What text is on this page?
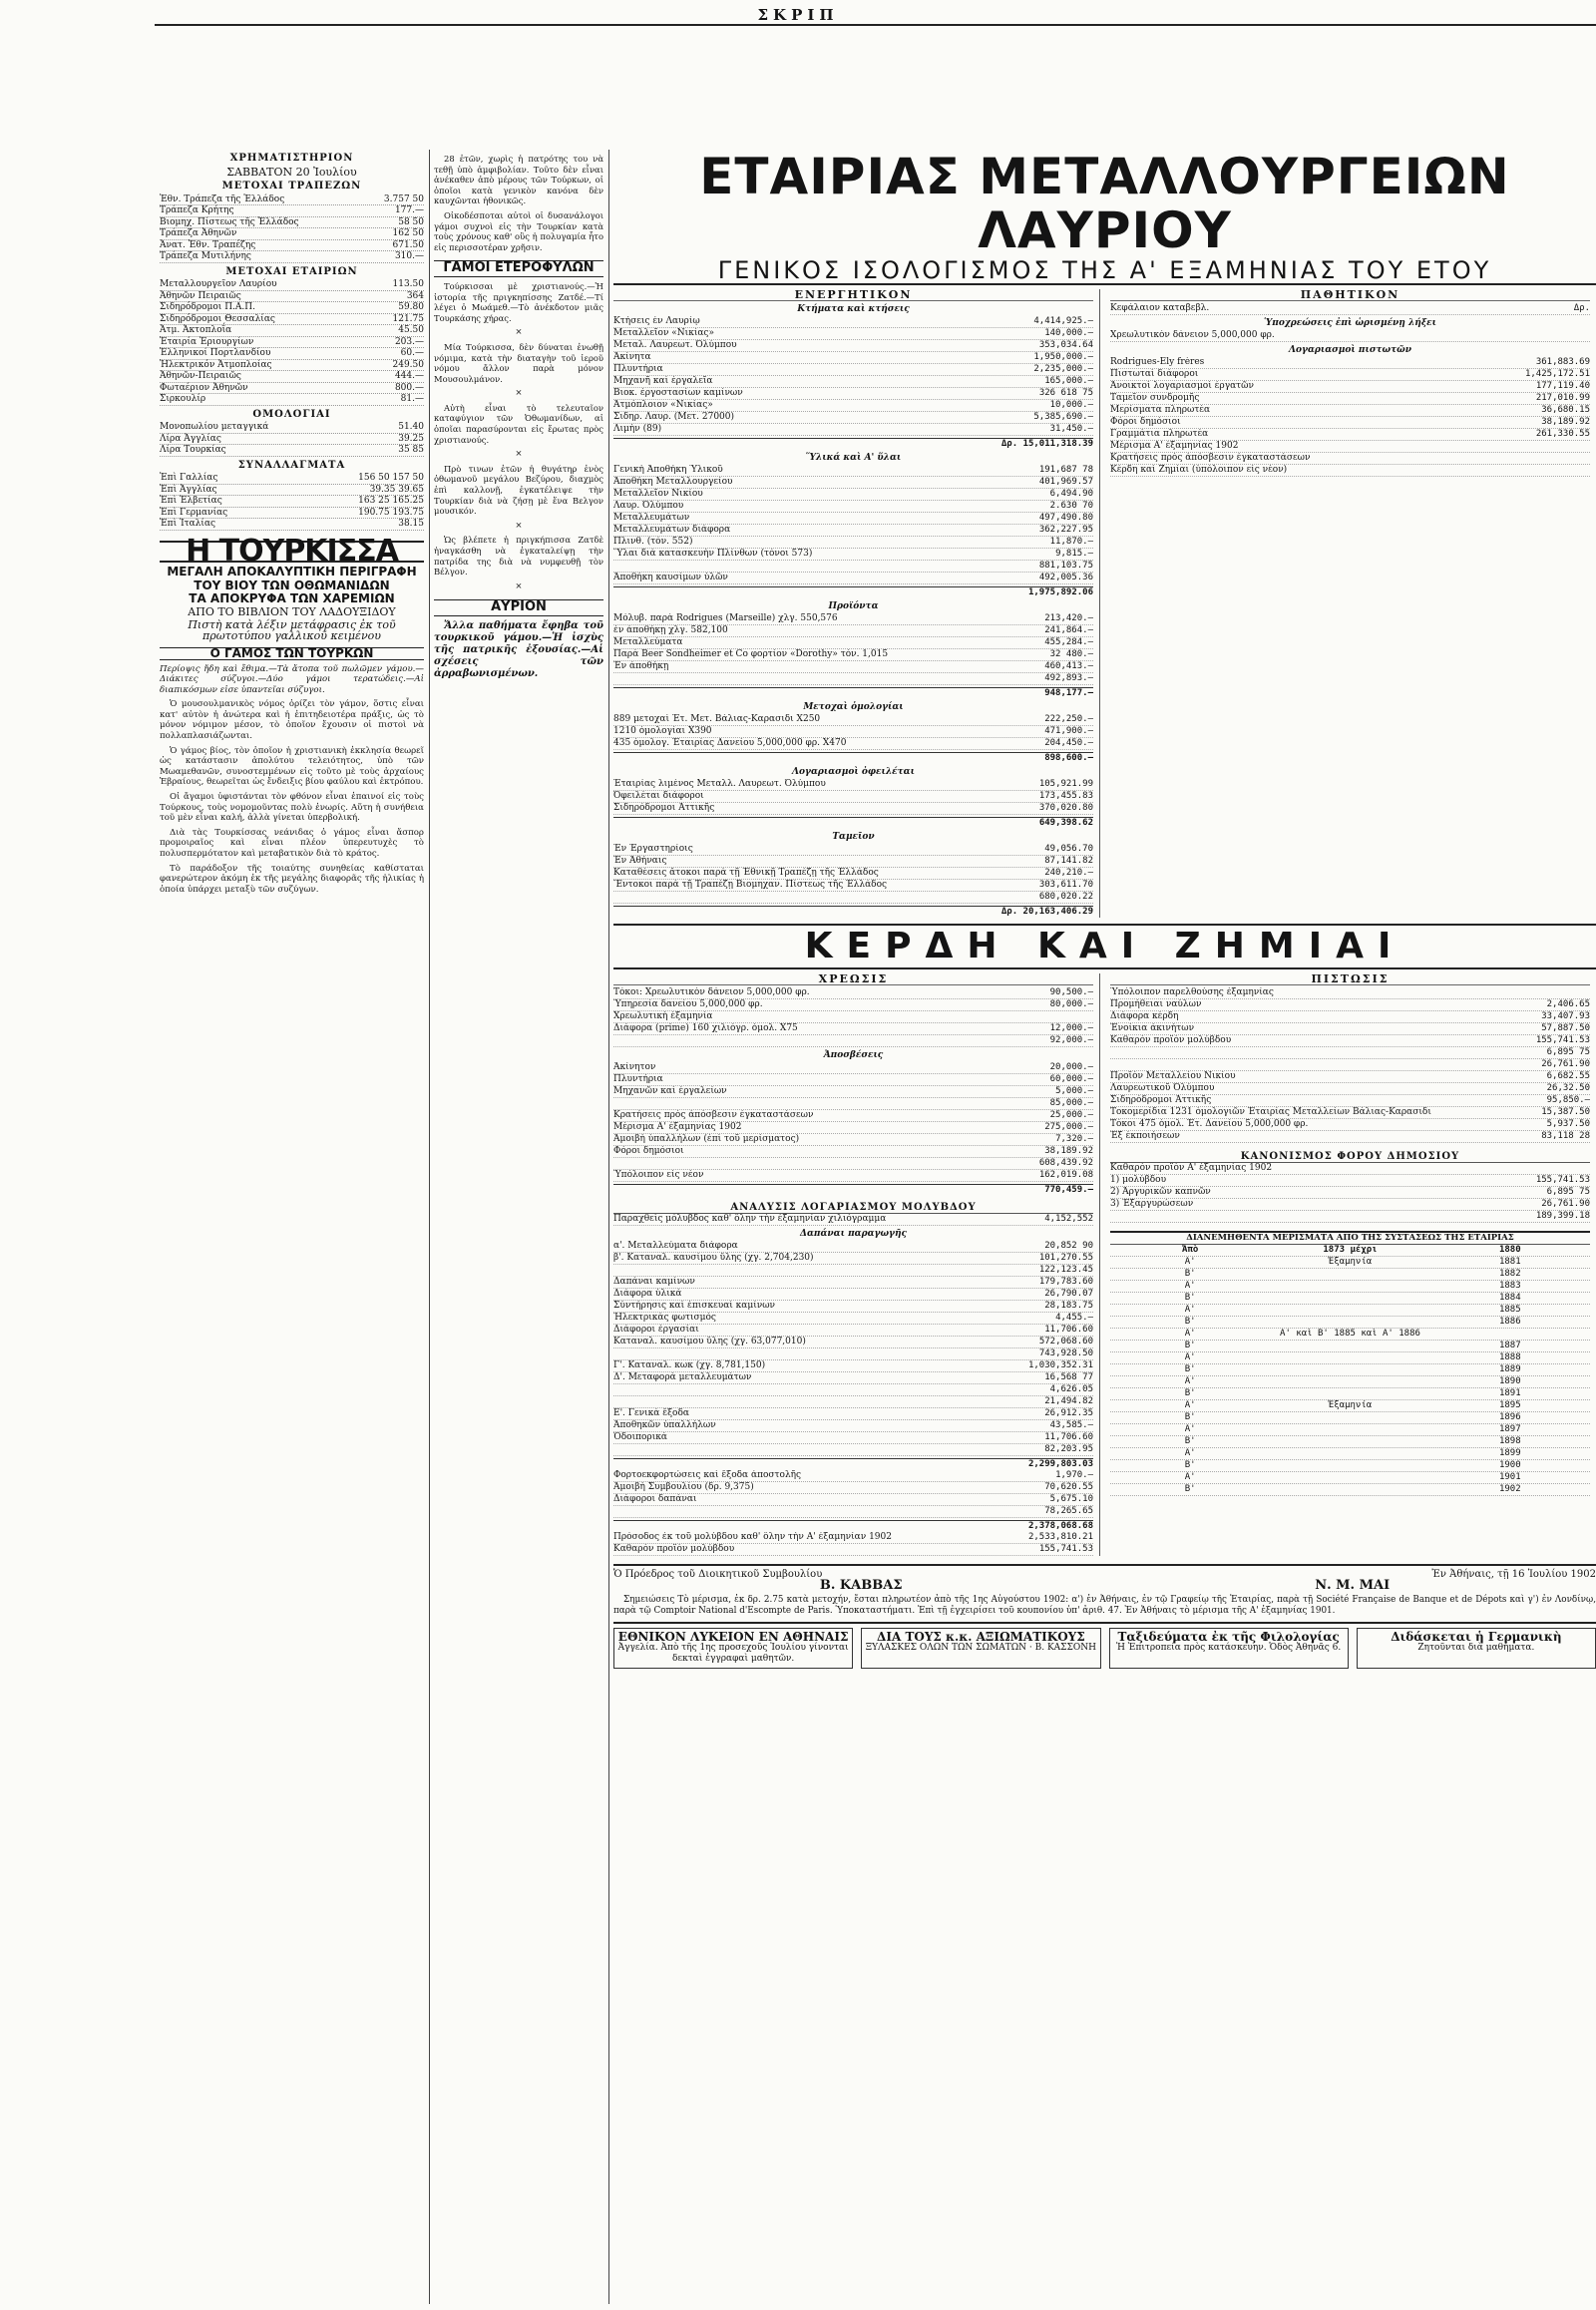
ΣΚΡΙΠ
ΧΡΗΜΑΤΙΣΤΗΡΙΟΝ
ΣΑΒΒΑΤΟΝ 20 Ἰουλίου
ΜΕΤΟΧΑΙ ΤΡΑΠΕΖΩΝ
Ἐθν. Τράπεζα τῆς Ἑλλάδος	3.757 50
Τράπεζα Κρήτης	177.—
Βιομηχ. Πίστεως τῆς Ἑλλάδος	58 50
Τράπεζα Ἀθηνῶν	162 50
Ἀνατ. Ἐθν. Τραπέζης	671.50
Τράπεζα Μυτιλήνης	310.—
ΜΕΤΟΧΑΙ ΕΤΑΙΡΙΩΝ
Μεταλλουργεῖον Λαυρίου	113.50
Ἀθηνῶν Πειραιῶς	364
Σιδηρόδρομοι Π.Α.Π.	59.80
Σιδηρόδρομοι Θεσσαλίας	121.75
Ἀτμ. Ἀκτοπλοΐα	45.50
Ἑταιρία Ἐριουργίων	203.—
Ἑλληνικοί Πορτλανδίου	60.—
Ἠλεκτρικόν Ἀτμοπλοίας	249.50
Ἀθηνῶν-Πειραιῶς	444.—
Φωταέριον Ἀθηνῶν	800.—
Σιρκουλίρ	81.—
ΟΜΟΛΟΓΙΑΙ
Μονοπωλίου μεταγγικά	51.40
Λίρα Ἀγγλίας	39.25
Λίρα Τουρκίας	35 85
ΣΥΝΑΛΛΑΓΜΑΤΑ
Ἐπὶ Γαλλίας	156 50 157 50
Ἐπὶ Ἀγγλίας	39.35 39.65
Ἐπὶ Ἑλβετίας	163 25 165.25
Ἐπὶ Γερμανίας	190.75 193.75
Ἐπὶ Ἰταλίας	38.15
Η ΤΟΥΡΚΙΣΣΑ
ΜΕΓΑΛΗ ΑΠΟΚΑΛΥΠΤΙΚΗ ΠΕΡΙΓΡΑΦΗ
ΤΟΥ ΒΙΟΥ ΤΩΝ ΟΘΩΜΑΝΙΔΩΝ
ΤΑ ΑΠΟΚΡΥΦΑ ΤΩΝ ΧΑΡΕΜΙΩΝ
ΑΠΟ ΤΟ ΒΙΒΛΙΟΝ ΤΟΥ ΛΑΔΟΥΞΙΔΟΥ
Πιστὴ κατὰ λέξιν μετάφρασις ἐκ τοῦ πρωτοτύπου γαλλικοῦ κειμένου
Ο ΓΑΜΟΣ ΤΩΝ ΤΟΥΡΚΩΝ
Περίοψις ἤδη καὶ ἔθιμα.—Τὰ ἄτοπα τοῦ πωλῶμεν γάμου.—Διάκιτες σύζυγοι.—Δύο γάμοι τερατώδεις.—Αἱ διαπικόσμων εἰσε ὑπαντεῖαι σύζυγοι.

Ὁ μουσουλμανικὸς νόμος ὁρίζει τὸν γάμον, ὅστις εἶναι κατ' αὐτὸν ἡ ἀνώτερα καὶ ἡ ἐπιτηδειοτέρα πράξις, ὡς τὸ μόνον νόμιμον μέσον, τὸ ὁποῖον ἔχουσιν οἱ πιστοὶ νὰ πολλαπλασιάζωνται.

Ὁ γάμος βίος, τὸν ὁποῖον ἡ χριστιανικὴ ἐκκλησία θεωρεῖ ὡς κατάστασιν ἀπολύτου τελειότητος, ὑπὸ τῶν Μωαμεθανῶν, συνοστεμμένων εἰς τοῦτο μὲ τοὺς ἀρχαίους Ἑβραίους, θεωρεῖται ὡς ἔνδειξις βίου φαύλου καὶ ἐκτρόπου.

Οἱ ἄγαμοι ὑφιστάνται τὸν φθόνον εἶναι ἐπαινοί εἰς τοὺς Τούρκους, τοὺς νομομοῦντας πολὺ ἐνωρίς. Αὕτη ἡ συνήθεια τοῦ μὲν εἶναι καλή, ἀλλὰ γίνεται ὑπερβολική.

Διὰ τὰς Τουρκίσσας νεάνιδας ὁ γάμος εἶναι ἄσπορ προμοιραῖος καὶ εἶναι πλέον ὑπερευτυχὲς τὸ πολυσπερμότατον καὶ μεταβατικὸν διὰ τὸ κράτος.

Τὸ παράδοξον τῆς τοιαύτης συνηθείας καθίσταται φανερώτερον ἀκόμη ἐκ τῆς μεγάλης διαφορᾶς τῆς ἡλικίας ἡ ὁποία ὑπάρχει μεταξὺ τῶν συζύγων.

28 ἐτῶν, χωρὶς ἡ πατρότης του νὰ τεθῇ ὑπὸ ἀμφιβολίαν. Τοῦτο δὲν εἶναι ἀνέκαθεν ἀπὸ μέρους τῶν Τούρκων, οἱ ὁποῖοι κατὰ γενικὸν κανόνα δὲν καυχῶνται ἠθονικῶς.

Οἰκοδέσποται αὐτοὶ οἱ δυσανάλογοι γάμοι συχνοὶ εἰς τὴν Τουρκίαν κατὰ τοὺς χρόνους καθ' οὓς ἡ πολυγαμία ἦτο εἰς περισσοτέραν χρῆσιν.

ΓΑΜΟΙ ΕΤΕΡΟΦΥΛΩΝ

Τούρκισσαι μὲ χριστιανούς.—Ἡ ἱστορία τῆς πριγκηπίσσης Ζατδέ.—Τί λέγει ὁ Μωάμεθ.—Τὸ ἀνέκδοτον μιᾶς Τουρκάσης χήρας.

×

Μία Τούρκισσα, δὲν δύναται ἐνωθῇ νόμιμα, κατὰ τὴν διαταγὴν τοῦ ἱεροῦ νόμου ἄλλον παρὰ μόνον Μουσουλμάνον.

×

Αὐτὴ εἶναι τὸ τελευταῖον καταφύγιον τῶν Ὀθωμανίδων, αἱ ὁποῖαι παρασύρονται εἰς ἔρωτας πρὸς χριστιανούς.

×

Πρὸ τινων ἐτῶν ἡ θυγάτηρ ἑνὸς ὀθωμανοῦ μεγάλου Βεζύρου, διαχμὸς ἐπὶ καλλονῇ, ἐγκατέλειψε τὴν Τουρκίαν διὰ νὰ ζήσῃ μὲ ἕνα Βελγον μουσικόν.

×

Ὡς βλέπετε ἡ πριγκήπισσα Ζατδὲ ἠναγκάσθη νὰ ἐγκαταλείψῃ τὴν πατρίδα της διὰ νὰ νυμφευθῇ τὸν Βέλγον.

×
ΑΥΡΙΟΝ
Ἄλλα παθήματα ἔφηβα τοῦ τουρκικοῦ γάμου.—Ἡ ἰσχὺς τῆς πατρικῆς ἐξουσίας.—Αἱ σχέσεις τῶν ἀρραβωνισμένων.
ΕΤΑΙΡΙΑΣ ΜΕΤΑΛΛΟΥΡΓΕΙΩΝ ΛΑΥΡΙΟΥ
ΓΕΝΙΚΟΣ ΙΣΟΛΟΓΙΣΜΟΣ ΤΗΣ Α' ΕΞΑΜΗΝΙΑΣ ΤΟΥ ΕΤΟΥ
ΕΝΕΡΓΗΤΙΚΟΝ
Κτήματα καὶ κτήσεις
Κτήσεις ἐν Λαυρίῳ	4,414,925.—
Μεταλλεῖον «Νικίας»	140,000.—
Μεταλ. Λαυρεωτ. Ὀλύμπου	353,034.64
Ἀκίνητα	1,950,000.—
Πλυντήρια	2,235,000.—
Μηχανῆ καὶ ἐργαλεῖα	165,000.—
Βιοκ. ἐργοστασίων καμίνων	326 618 75
Ἀτμόπλοιον «Νικίας»	10,000.—
Σιδηρ. Λαυρ. (Μετ. 27000)	5,385,690.—
Λιμὴν (89)	31,450.—
Δρ. 15,011,318.39
Ὕλικά καὶ Α' ὕλαι
Γενικὴ Ἀποθήκη Ὑλικοῦ	191,687 78
Ἀποθήκη Μεταλλουργείου	401,969.57
Μεταλλεῖον Νικίου	6,494.90
Λαυρ. Ὀλύμπου	2.630 70
Μεταλλευμάτων	497,490.80
Μεταλλευμάτων διάφορα	362,227.95
Πλινθ. (τόν. 552)	11,870.—
Ὕλαι διὰ κατασκευὴν Πλίνθων (τόνοι 573)	9,815.—
881,103.75
Ἀποθήκη καυσίμων ὑλῶν	492,005.36
1,975,892.06
Προϊόντα
Μόλυβ. παρὰ Rodrigues (Marseille) χλγ. 550,576	213,420.—
ἐν ἀποθήκῃ χλγ. 582,100	241,864.—
Μεταλλεύματα	455,284.—
Παρὰ Beer Sondheimer et Co φορτίον «Dorothy» τόν. 1,015	32 480.—
Ἐν ἀποθήκῃ	460,413.—
492,893.—
948,177.—
Μετοχαὶ ὁμολογίαι
889 μετοχαὶ Ἐτ. Μετ. Βάλιας-Καρασιδι Χ250	222,250.—
1210 ὁμολογίαι Χ390	471,900.—
435 ὁμολογ. Ἑταιρίας Δανείου 5,000,000 φρ. Χ470	204,450.—
898,600.—
Λογαριασμοὶ ὀφειλέται
Ἑταιρίας λιμένος Μεταλλ. Λαυρεωτ. Ὀλύμπου	105,921.99
Ὀφειλέται διάφοροι	173,455.83
Σιδηρόδρομοι Ἀττικῆς	370,020.80
649,398.62
Ταμεῖον
Ἐν Ἐργαστηρίοις	49,056.70
Ἐν Ἀθήναις	87,141.82
Καταθέσεις ἄτοκοι παρὰ τῇ Ἐθνικῇ Τραπέζῃ τῆς Ἑλλάδος	240,210.—
Ἔντοκοι παρὰ τῇ Τραπέζῃ Βιομηχαν. Πίστεως τῆς Ἑλλάδος	303,611.70
680,020.22
Δρ. 20,163,406.29
ΠΑΘΗΤΙΚΟΝ
Κεφάλαιον καταβεβλ.	Δρ.
Ὑποχρεώσεις ἐπὶ ὡρισμένῃ λήξει
Χρεωλυτικὸν δάνειον 5,000,000 φρ.
Λογαριασμοὶ πιστωτῶν
Rodrigues-Ely frères	361,883.69
Πιστωταὶ διάφοροι	1,425,172.51
Ἀνοικτοὶ λογαριασμοὶ ἐργατῶν	177,119.40
Ταμεῖον συνδρομῆς	217,010.99
Μερίσματα πληρωτέα	36,680.15
Φόροι δημόσιοι	38,189.92
Γραμμάτια πληρωτέα	261,330.55
Μέρισμα Α' ἐξαμηνίας 1902
Κρατήσεις πρὸς ἀπόσβεσιν ἐγκαταστάσεων
Κέρδη καὶ Ζημίαι (ὑπόλοιπον εἰς νέον)
ΚΕΡΔΗ ΚΑΙ ΖΗΜΙΑΙ
ΧΡΕΩΣΙΣ
Τόκοι: Χρεωλυτικὸν δάνειον 5,000,000 φρ.	90,500.—
Ὑπηρεσία δανείου 5,000,000 φρ.	80,000.—
Χρεωλυτικὴ ἐξαμηνία
Διάφορα (prime) 160 χιλιόγρ. ὁμολ. X75	12,000.—
92,000.—
Ἀποσβέσεις
Ἀκίνητον	20,000.—
Πλυντήρια	60,000.—
Μηχανῶν καὶ ἐργαλείων	5,000.—
85,000.—
Κρατήσεις πρὸς ἀπόσβεσιν ἐγκαταστάσεων	25,000.—
Μέρισμα Α' ἐξαμηνίας 1902	275,000.—
Ἀμοιβὴ ὑπαλλήλων (ἐπὶ τοῦ μερίσματος)	7,320.—
Φόροι δημόσιοι	38,189.92
608,439.92
Ὑπόλοιπον εἰς νέον	162,019.08
770,459.—
ΑΝΑΛΥΣΙΣ ΛΟΓΑΡΙΑΣΜΟΥ ΜΟΛΥΒΔΟΥ
Παραχθεὶς μόλυβδος καθ' ὅλην τὴν ἐξαμηνίαν χιλιόγραμμα	4,152,552
Δαπάναι παραγωγῆς
α'. Μεταλλεύματα διάφορα	20,852 90
β'. Καταναλ. καυσίμου ὕλης (χγ. 2,704,230)	101,270.55
122,123.45
Δαπάναι καμίνων	179,783.60
Διάφορα ὑλικά	26,790.07
Σύντήρησις καὶ ἐπισκευαὶ καμίνων	28,183.75
Ἠλεκτρικὰς φωτισμός	4,455.—
Διάφοροι ἐργασίαι	11,706.60
Καταναλ. καυσίμου ὕλης (χγ. 63,077,010)	572,068.60
743,928.50
Γ'. Καταναλ. κωκ (χγ. 8,781,150)	1,030,352.31
Δ'. Μεταφορὰ μεταλλευμάτων	16,568 77
4,626.05
21,494.82
Ε'. Γενικὰ ἔξοδα	26,912.35
Ἀποθηκῶν ὑπαλλήλων	43,585.—
Ὁδοιπορικά	11,706.60
82,203.95
2,299,803.03
Φορτοεκφορτώσεις καὶ ἔξοδα ἀποστολῆς	1,970.—
Ἀμοιβὴ Συμβουλίου (δρ. 9,375)	70,620.55
Διάφοροι δαπάναι	5,675.10
78,265.65
2,378,068.68
Πρόσοδος ἐκ τοῦ μολύβδου καθ' ὅλην τὴν Α' ἐξαμηνίαν 1902	2,533,810.21
Καθαρὸν προϊὸν μολύβδου	155,741.53
ΠΙΣΤΩΣΙΣ
Ὑπόλοιπον παρελθούσης ἐξαμηνίας
Προμήθειαι ναύλων	2,406.65
Διάφορα κέρδη	33,407.93
Ἐνοίκια ἀκινήτων	57,887.50
Καθαρὸν προϊὸν μολύβδου	155,741.53
6,895 75
26,761.90
Προϊὸν Μεταλλείου Νικίου	6,682.55
Λαυρεωτικοῦ Ὀλύμπου	26,32.50
Σιδηρόδρομοι Ἀττικῆς	95,850.—
Τοκομερίδια 1231 ὁμολογιῶν Ἑταιρίας Μεταλλείων Βάλιας-Καρασιδι	15,387.50
Τόκοι 475 ὁμολ. Ἑτ. Δανείου 5,000,000 φρ.	5,937.50
Ἐξ ἐκποιήσεων	83,118 28
ΚΑΝΟΝΙΣΜΟΣ ΦΟΡΟΥ ΔΗΜΟΣΙΟΥ
Καθαρὸν προϊὸν Α' ἐξαμηνίας 1902
1) μολύβδου	155,741.53
2) Ἀργυρικῶν καπνῶν	6,895 75
3) Ἐξαργυρώσεων	26,761.90
189,399.18
ΔΙΑΝΕΜΗΘΕΝΤΑ ΜΕΡΙΣΜΑΤΑ ΑΠΟ ΤΗΣ ΣΥΣΤΑΣΕΩΣ ΤΗΣ ΕΤΑΙΡΙΑΣ
Ἀπὸ	1873 μέχρι	1880
Α'	Ἐξαμηνία	1881
Β'	1882
Α'	1883
Β'	1884
Α'	1885
Β'	1886
Α'	Α' καὶ Β' 1885 καὶ Α' 1886
Β'	1887
Α'	1888
Β'	1889
Α'	1890
Β'	1891
Α'	Ἐξαμηνία	1895
Β'	1896
Α'	1897
Β'	1898
Α'	1899
Β'	1900
Α'	1901
Β'	1902
Ὁ Πρόεδρος τοῦ Διοικητικοῦ Συμβουλίου	Ἐν Ἀθήναις, τῇ 16 Ἰουλίου 1902
Β. ΚΑΒΒΑΣ	Ν. Μ. ΜΑΙ
Σημειώσεις Τὸ μέρισμα, ἐκ δρ. 2.75 κατὰ μετοχήν, ἔσται πληρωτέον ἀπὸ τῆς 1ης Αὐγούστου 1902: α') ἐν Ἀθήναις, ἐν τῷ Γραφείῳ τῆς Ἑταιρίας, παρὰ τῇ Société Française de Banque et de Dépots καὶ γ') ἐν Λονδίνῳ, παρὰ τῷ Comptoir National d'Escompte de Paris. Ὑποκαταστήματι. Ἐπὶ τῇ ἐγχειρίσει τοῦ κουπονίου ὑπ' ἀριθ. 47. Ἐν Ἀθήναις τὸ μέρισμα τῆς Α' ἐξαμηνίας 1901.
ΕΘΝΙΚΟΝ ΛΥΚΕΙΟΝ ΕΝ ΑΘΗΝΑΙΣ
Ἀγγελία. Ἀπὸ τῆς 1ης προσεχοῦς Ἰουλίου γίνονται δεκταὶ ἐγγραφαὶ μαθητῶν.
ΔΙΑ ΤΟΥΣ κ.κ. ΑΞΙΩΜΑΤΙΚΟΥΣ
ΞΥΛΑΣΚΕΣ ΟΛΩΝ ΤΩΝ ΣΩΜΑΤΩΝ · Β. ΚΑΣΣΟΝΗ
Ταξιδεύματα ἐκ τῆς Φιλολογίας
Ἡ Ἐπιτροπεία πρὸς κατάσκευην. Ὁδὸς Ἀθηνᾶς 6.
Διδάσκεται ἡ Γερμανικὴ
Ζητοῦνται διὰ μαθήματα.
